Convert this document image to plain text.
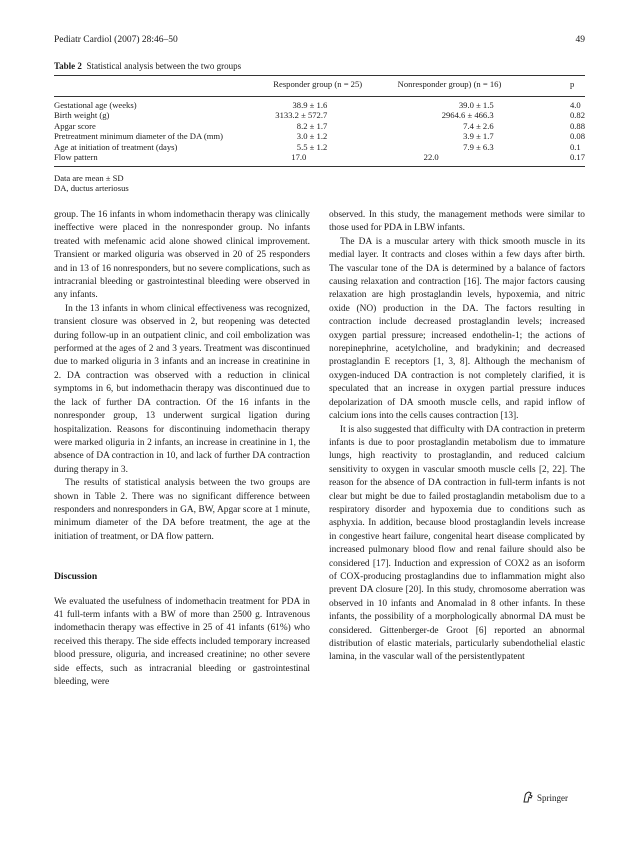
Pediatr Cardiol (2007) 28:46–50	49
Table 2 Statistical analysis between the two groups
	Responder group (n = 25)	Nonresponder group) (n = 16)	p

Gestational age (weeks)	38.9 ± 1.6	39.0 ± 1.5	4.0
Birth weight (g)	3133.2 ± 572.7	2964.6 ± 466.3	0.82
Apgar score	8.2 ± 1.7	7.4 ± 2.6	0.88
Pretreatment minimum diameter of the DA (mm)	3.0 ± 1.2	3.9 ± 1.7	0.08
Age at initiation of treatment (days)	5.5 ± 1.2	7.9 ± 6.3	0.1
Flow pattern	17.0	22.0	0.17
Data are mean ± SD
DA, ductus arteriosus

group. The 16 infants in whom indomethacin therapy was clinically ineffective were placed in the nonresponder group. No infants treated with mefenamic acid alone showed clinical improvement. Transient or marked oliguria was observed in 20 of 25 responders and in 13 of 16 nonresponders, but no severe complications, such as intracranial bleeding or gastrointestinal bleeding were observed in any infants.

In the 13 infants in whom clinical effectiveness was recognized, transient closure was observed in 2, but reopening was detected during follow-up in an outpatient clinic, and coil embolization was performed at the ages of 2 and 3 years. Treatment was discontinued due to marked oliguria in 3 infants and an increase in creatinine in 2. DA contraction was observed with a reduction in clinical symptoms in 6, but indomethacin therapy was discontinued due to the lack of further DA contraction. Of the 16 infants in the nonresponder group, 13 underwent surgical ligation during hospitalization. Reasons for discontinuing indomethacin therapy were marked oliguria in 2 infants, an increase in creatinine in 1, the absence of DA contraction in 10, and lack of further DA contraction during therapy in 3.

The results of statistical analysis between the two groups are shown in Table 2. There was no significant difference between responders and nonresponders in GA, BW, Apgar score at 1 minute, minimum diameter of the DA before treatment, the age at the initiation of treatment, or DA flow pattern.

Discussion

We evaluated the usefulness of indomethacin treatment for PDA in 41 full-term infants with a BW of more than 2500 g. Intravenous indomethacin therapy was effective in 25 of 41 infants (61%) who received this therapy. The side effects included temporary increased blood pressure, oliguria, and increased creatinine; no other severe side effects, such as intracranial bleeding or gastrointestinal bleeding, were

observed. In this study, the management methods were similar to those used for PDA in LBW infants.

The DA is a muscular artery with thick smooth muscle in its medial layer. It contracts and closes within a few days after birth. The vascular tone of the DA is determined by a balance of factors causing relaxation and contraction [16]. The major factors causing relaxation are high prostaglandin levels, hypoxemia, and nitric oxide (NO) production in the DA. The factors resulting in contraction include decreased prostaglandin levels; increased oxygen partial pressure; increased endothelin-1; the actions of norepinephrine, acetylcholine, and bradykinin; and decreased prostaglandin E receptors [1, 3, 8]. Although the mechanism of oxygen-induced DA contraction is not completely clarified, it is speculated that an increase in oxygen partial pressure induces depolarization of DA smooth muscle cells, and rapid inflow of calcium ions into the cells causes contraction [13].

It is also suggested that difficulty with DA contraction in preterm infants is due to poor prostaglandin metabolism due to immature lungs, high reactivity to prostaglandin, and reduced calcium sensitivity to oxygen in vascular smooth muscle cells [2, 22]. The reason for the absence of DA contraction in full-term infants is not clear but might be due to failed prostaglandin metabolism due to a respiratory disorder and hypoxemia due to conditions such as asphyxia. In addition, because blood prostaglandin levels increase in congestive heart failure, congenital heart disease complicated by increased pulmonary blood flow and renal failure should also be considered [17]. Induction and expression of COX2 as an isoform of COX-producing prostaglandins due to inflammation might also prevent DA closure [20]. In this study, chromosome aberration was observed in 10 infants and Anomalad in 8 other infants. In these infants, the possibility of a morphologically abnormal DA must be considered. Gittenberger-de Groot [6] reported an abnormal distribution of elastic materials, particularly subendothelial elastic lamina, in the vascular wall of the persistentlypatent

Springer
